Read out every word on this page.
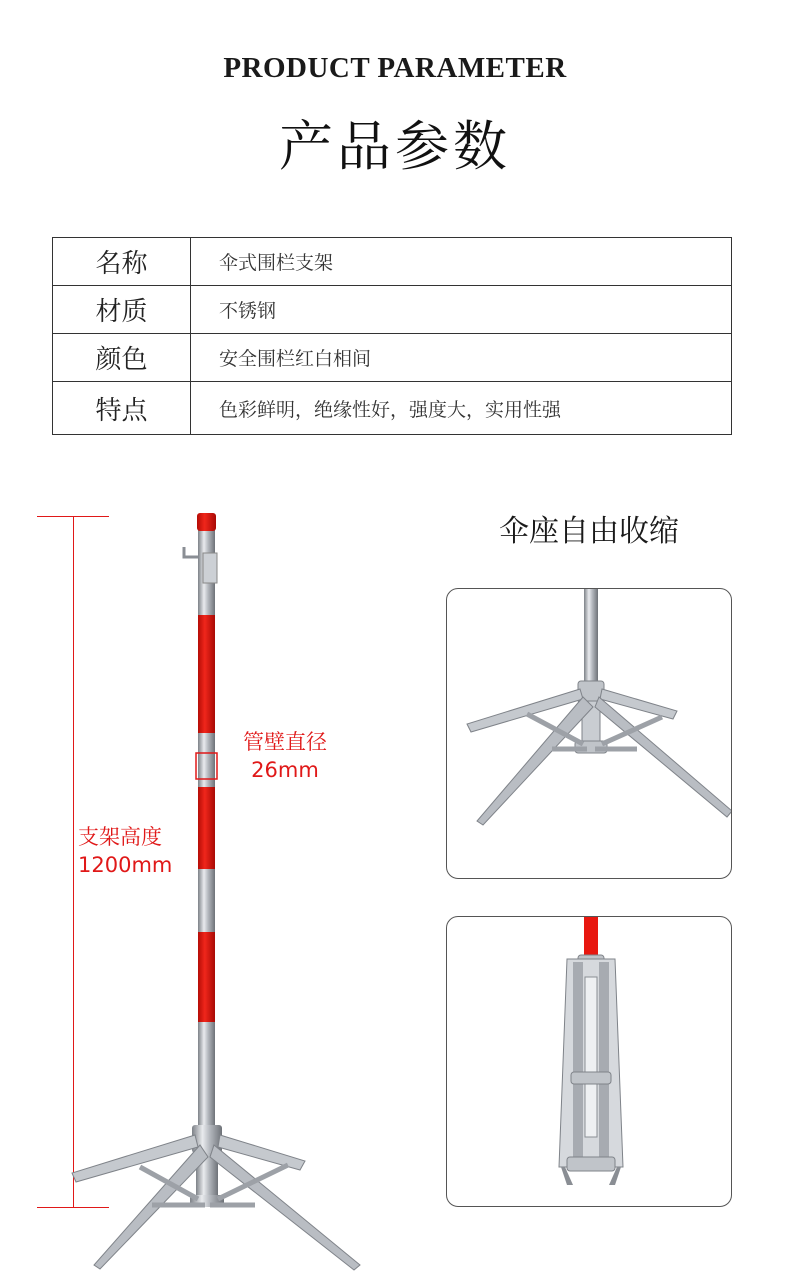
PRODUCT PARAMETER
产品参数
名称	伞式围栏支架
材质	不锈钢
颜色	安全围栏红白相间
特点	色彩鲜明，绝缘性好，强度大，实用性强
支架高度
1200mm
管壁直径
26mm
伞座自由收缩
